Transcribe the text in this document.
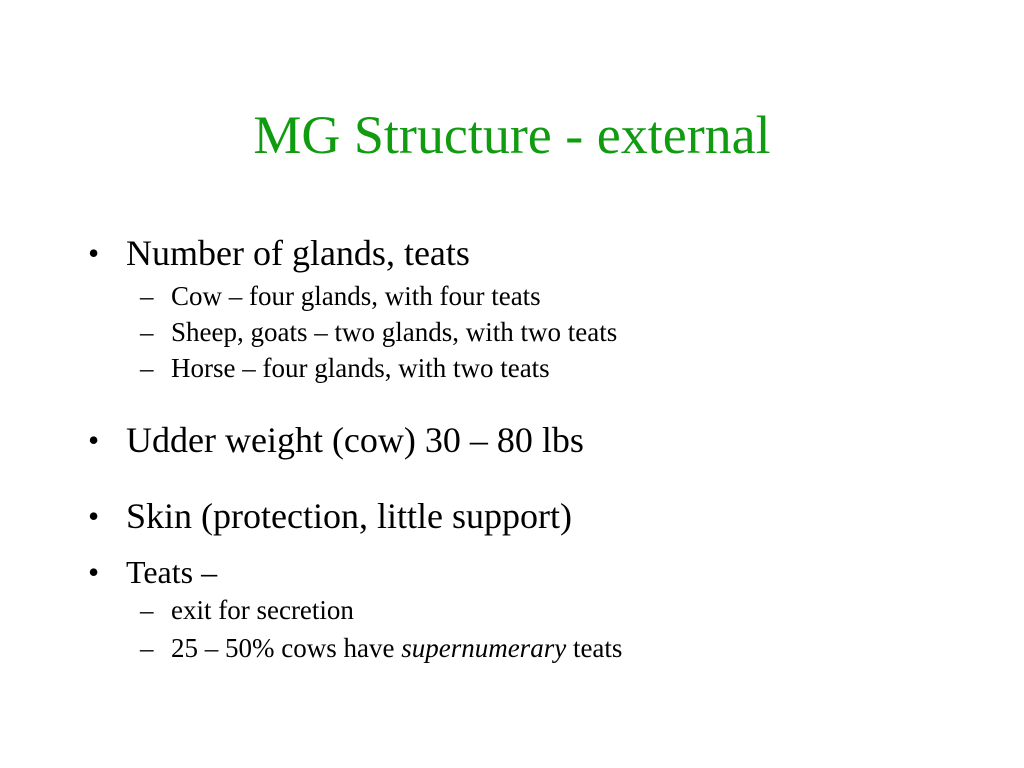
MG Structure - external
• Number of glands, teats
– Cow – four glands, with four teats
– Sheep, goats – two glands, with two teats
– Horse – four glands, with two teats
• Udder weight (cow) 30 – 80 lbs
• Skin (protection, little support)
• Teats –
– exit for secretion
– 25 – 50% cows have supernumerary teats
